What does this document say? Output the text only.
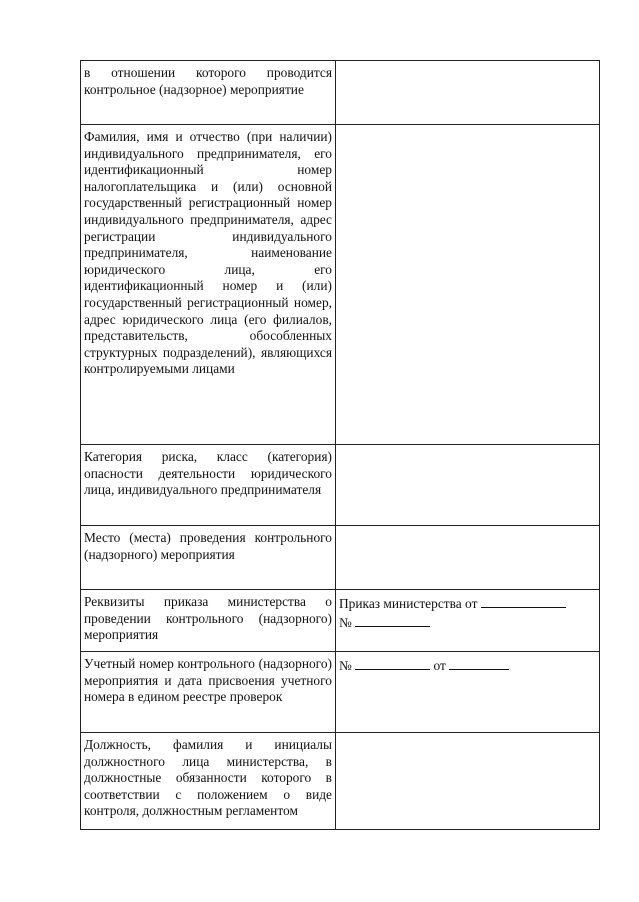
в отношении которого проводится контрольное (надзорное) мероприятие	
Фамилия, имя и отчество (при наличии) индивидуального предпринимателя, его идентификационный номер налогоплательщика и (или) основной государственный регистрационный номер индивидуального предпринимателя, адрес регистрации индивидуального предпринимателя, наименование юридического лица, его идентификационный номер и (или) государственный регистрационный номер, адрес юридического лица (его филиалов, представительств, обособленных структурных подразделений), являющихся контролируемыми лицами	
Категория риска, класс (категория) опасности деятельности юридического лица, индивидуального предпринимателя	
Место (места) проведения контрольного (надзорного) мероприятия	
Реквизиты приказа министерства о проведении контрольного (надзорного) мероприятия	Приказ министерства от
№

Учетный номер контрольного (надзорного) мероприятия и дата присвоения учетного номера в едином реестре проверок	№ от

Должность, фамилия и инициалы должностного лица министерства, в должностные обязанности которого в соответствии с положением о виде контроля, должностным регламентом	
